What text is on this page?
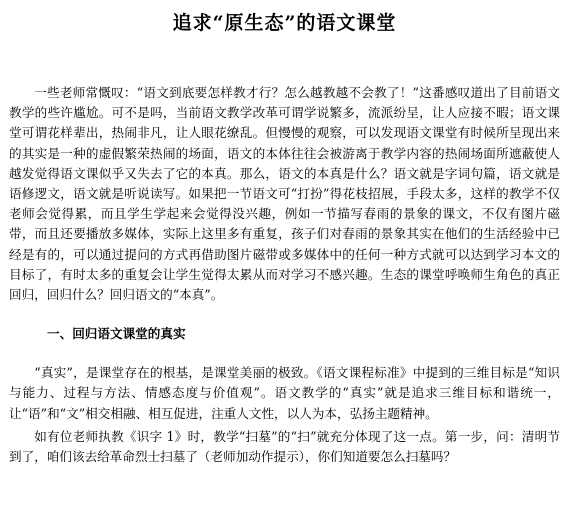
追求“原生态”的语文课堂

一些老师常慨叹：“语文到底要怎样教才行？怎么越教越不会教了！”这番感叹道出了目前语文教学的些许尴尬。可不是吗，当前语文教学改革可谓学说繁多，流派纷呈，让人应接不暇；语文课堂可谓花样辈出，热闹非凡，让人眼花缭乱。但慢慢的观察，可以发现语文课堂有时候所呈现出来的其实是一种的虚假繁荣热闹的场面，语文的本体往往会被游离于教学内容的热闹场面所遮蔽使人越发觉得语文课似乎又失去了它的本真。那么，语文的本真是什么？语文就是字词句篇，语文就是语修逻文，语文就是听说读写。如果把一节语文可“打扮”得花枝招展，手段太多，这样的教学不仅老师会觉得累，而且学生学起来会觉得没兴趣，例如一节描写春雨的景象的课文，不仅有图片磁带，而且还要播放多媒体，实际上这里多有重复，孩子们对春雨的景象其实在他们的生活经验中已经是有的，可以通过提问的方式再借助图片磁带或多媒体中的任何一种方式就可以达到学习本文的目标了，有时太多的重复会让学生觉得太累从而对学习不感兴趣。生态的课堂呼唤师生角色的真正回归，回归什么？回归语文的“本真”。

一、回归语文课堂的真实

“真实”，是课堂存在的根基，是课堂美丽的极致。《语文课程标准》中提到的三维目标是“知识与能力、过程与方法、情感态度与价值观”。语文教学的“真实”就是追求三维目标和谐统一，让“语”和“文”相交相融、相互促进，注重人文性，以人为本，弘扬主题精神。

如有位老师执教《识字 1》时，教学“扫墓”的“扫”就充分体现了这一点。第一步，问：清明节到了，咱们该去给革命烈士扫墓了（老师加动作提示），你们知道要怎么扫墓吗？
